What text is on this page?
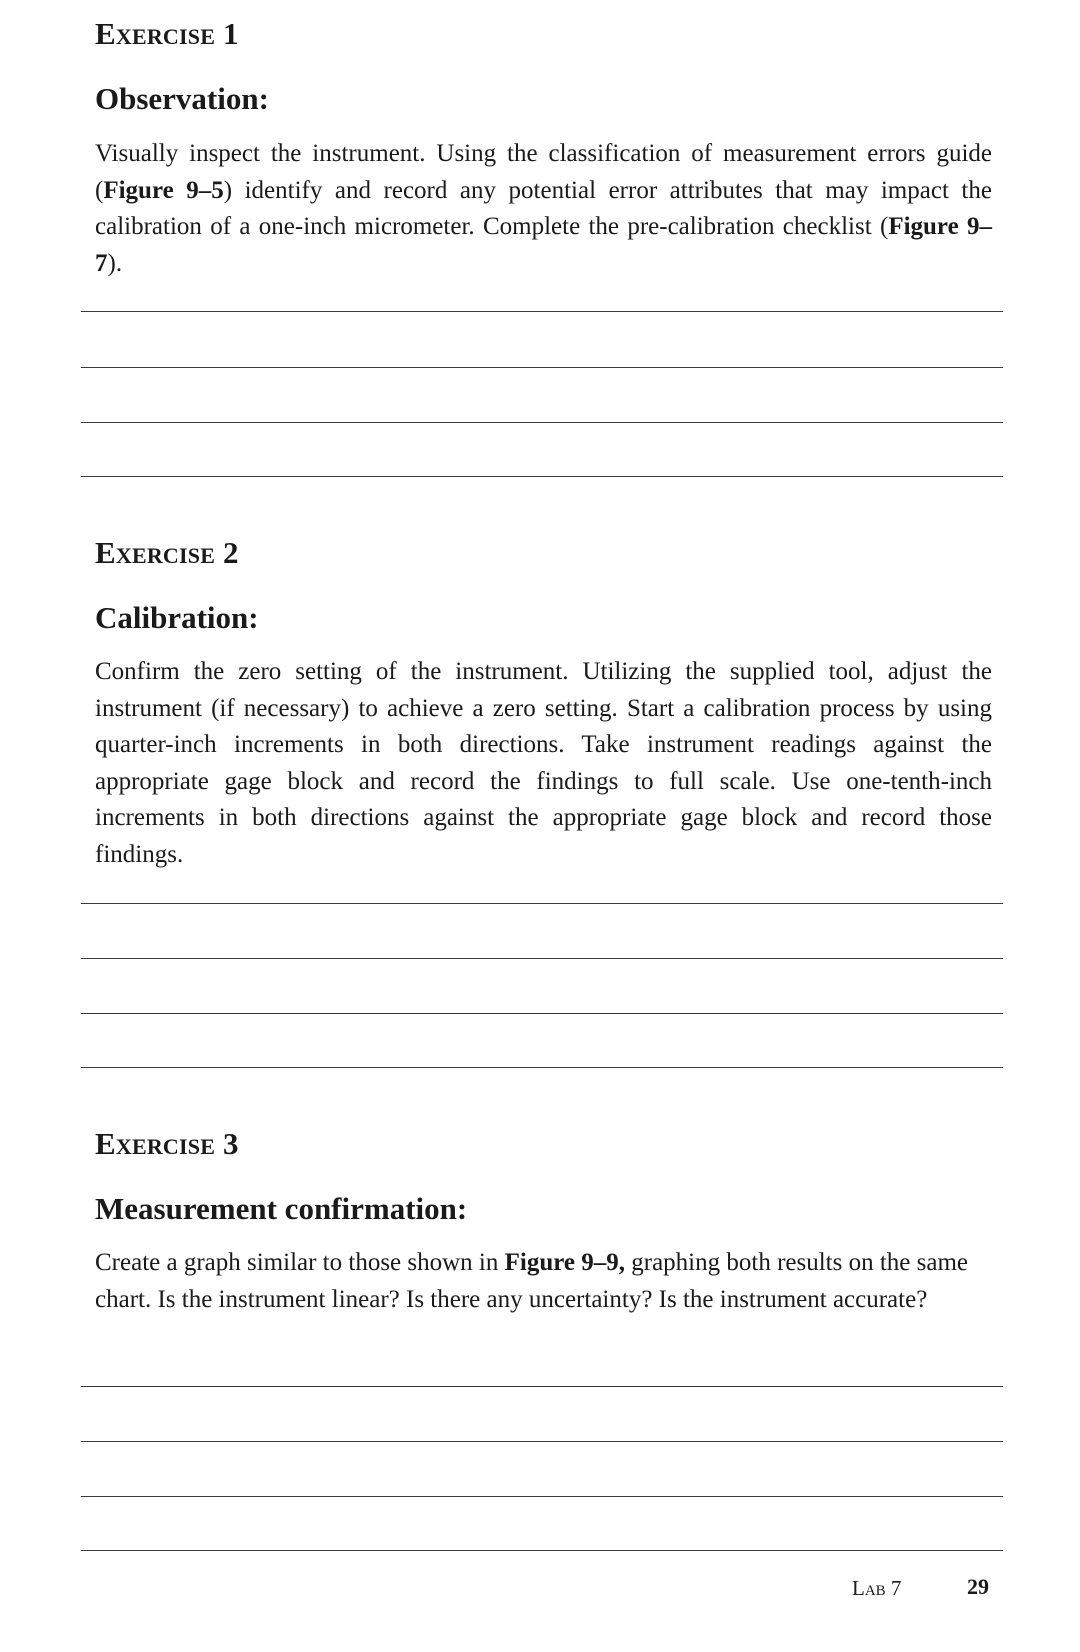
Exercise 1
Observation:

Visually inspect the instrument. Using the classification of measurement errors guide (Figure 9–5) identify and record any potential error attributes that may impact the calibration of a one-inch micrometer. Complete the pre-calibration checklist (Figure 9–7).

Exercise 2
Calibration:

Confirm the zero setting of the instrument. Utilizing the supplied tool, adjust the instrument (if necessary) to achieve a zero setting. Start a calibration process by using quarter-inch increments in both directions. Take instrument readings against the appropriate gage block and record the findings to full scale. Use one-tenth-inch increments in both directions against the appropriate gage block and record those findings.

Exercise 3
Measurement confirmation:

Create a graph similar to those shown in Figure 9–9, graphing both results on the same chart. Is the instrument linear? Is there any uncertainty? Is the instrument accurate?

Lab 7	29
